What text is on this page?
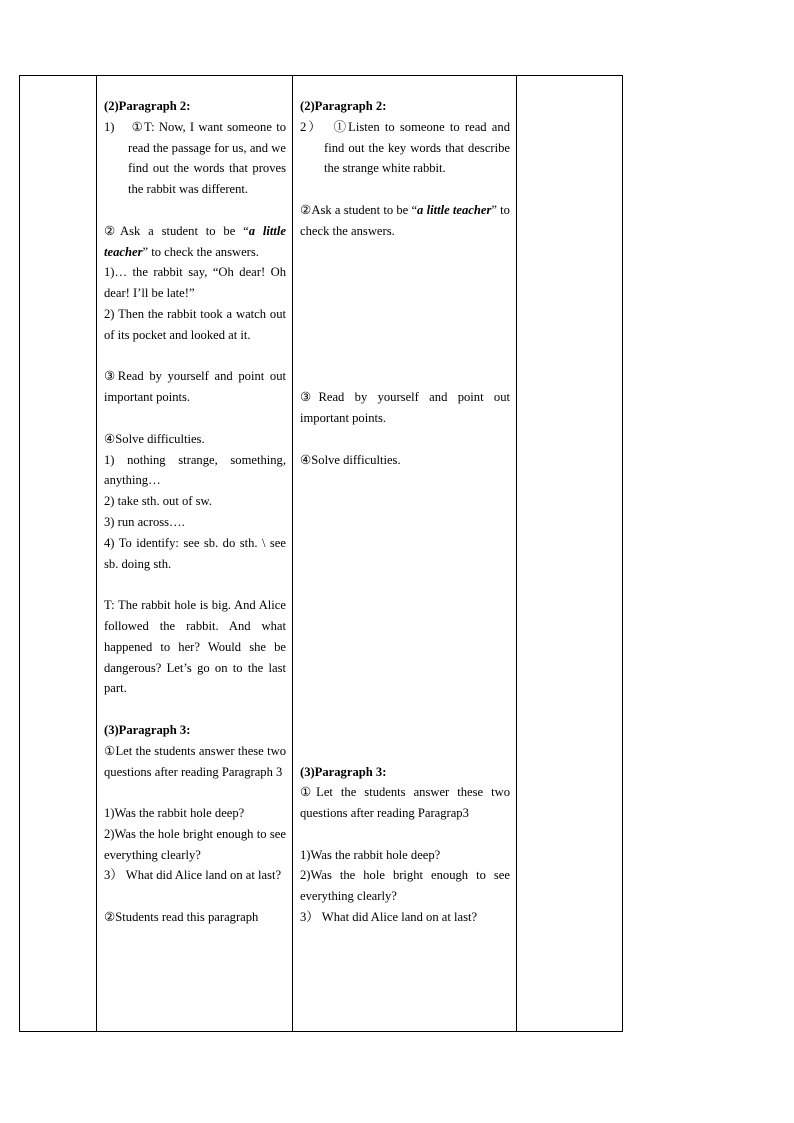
(2)Paragraph 2:

1) ①T: Now, I want someone to read the passage for us, and we find out the words that proves the rabbit was different.

②Ask a student to be “a little teacher” to check the answers.

1)… the rabbit say, “Oh dear! Oh dear! I’ll be late!”

2) Then the rabbit took a watch out of its pocket and looked at it.

③Read by yourself and point out important points.

④Solve difficulties.

1) nothing strange, something, anything…

2) take sth. out of sw.

3) run across….

4) To identify: see sb. do sth. \ see sb. doing sth.

T: The rabbit hole is big. And Alice followed the rabbit. And what happened to her? Would she be dangerous? Let’s go on to the last part.

(3)Paragraph 3:

①Let the students answer these two questions after reading Paragraph 3

1)Was the rabbit hole deep?

2)Was the hole bright enough to see everything clearly?

3） What did Alice land on at last?

②Students read this paragraph

(2)Paragraph 2:

2） ①Listen to someone to read and find out the key words that describe the strange white rabbit.

②Ask a student to be “a little teacher” to check the answers.

③Read by yourself and point out important points.

④Solve difficulties.

(3)Paragraph 3:

①Let the students answer these two questions after reading Paragrap3

1)Was the rabbit hole deep?

2)Was the hole bright enough to see everything clearly?

3） What did Alice land on at last?
